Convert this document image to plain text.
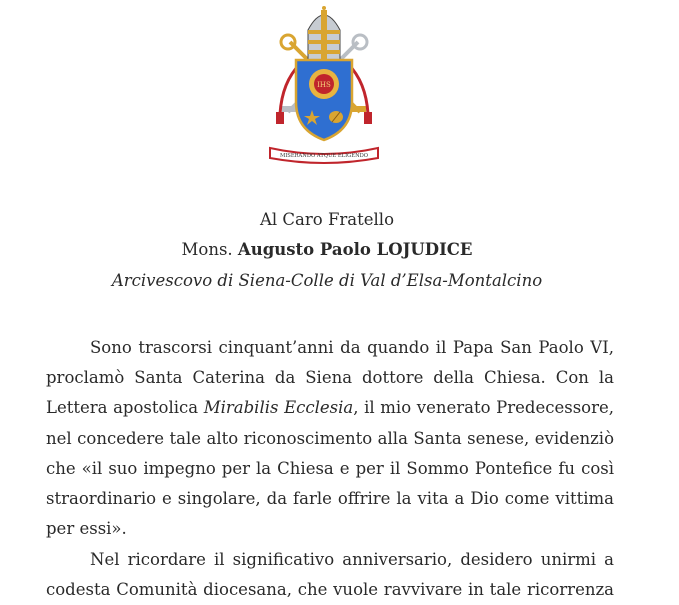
IHS
MISERANDO ATQUE ELIGENDO
Al Caro Fratello
Mons. Augusto Paolo LOJUDICE
Arcivescovo di Siena-Colle di Val d’Elsa-Montalcino
Sono trascorsi cinquant’anni da quando il Papa San Paolo VI,
proclamò Santa Caterina da Siena dottore della Chiesa. Con la
Lettera apostolica Mirabilis Ecclesia, il mio venerato Predecessore,
nel concedere tale alto riconoscimento alla Santa senese, evidenziò
che «il suo impegno per la Chiesa e per il Sommo Pontefice fu così
straordinario e singolare, da farle offrire la vita a Dio come vittima
per essi».
Nel ricordare il significativo anniversario, desidero unirmi a
codesta Comunità diocesana, che vuole ravvivare in tale ricorrenza
